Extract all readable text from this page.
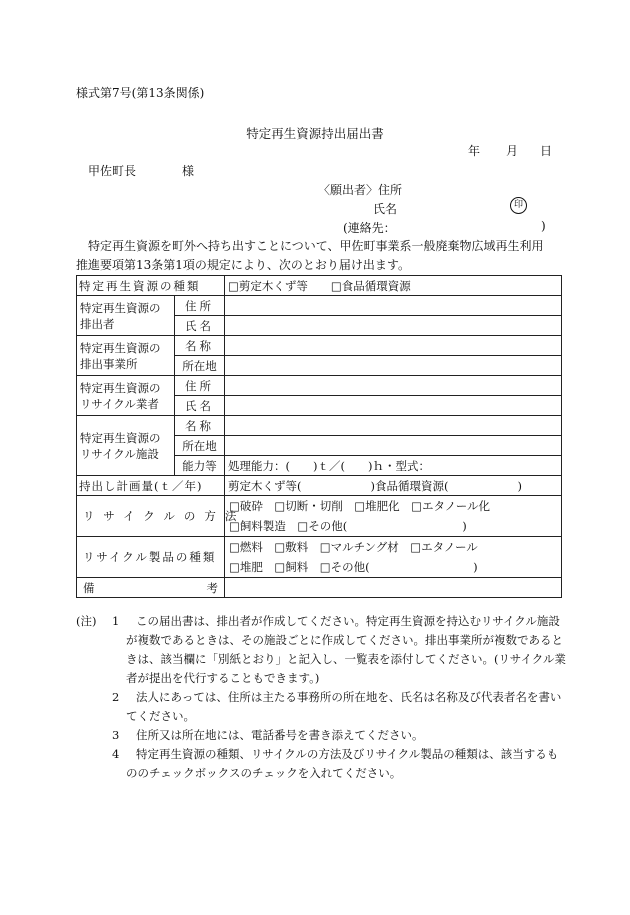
様式第7号(第13条関係)
特定再生資源持出届出書
年 月 日
甲佐町長	様
〈願出者〉住所
氏名	印
(連絡先：	)
特定再生資源を町外へ持ち出すことについて、甲佐町事業系一般廃棄物広域再生利用推進要項第13条第1項の規定により、次のとおり届け出ます。
特定再生資源の種類		□剪定木くず等　　□食品循環資源
特定再生資源の排出者	住所	
	氏名	
特定再生資源の排出事業所	名称	
	所在地	
特定再生資源のリサイクル業者	住所	
	氏名	
特定再生資源のリサイクル施設	名称	
	所在地	
	能力等	処理能力：(　　)ｔ／(　　)ｈ・型式：
持出し計画量(ｔ／年)		剪定木くず等(　　　　　　)食品循環資源(　　　　　　)
リサイクルの方法		□破砕　□切断・切削　□堆肥化　□エタノール化
□飼料製造　□その他(　　　　　　　　　　)

リサイクル製品の種類		□燃料　□敷料　□マルチング材　□エタノール
□堆肥　□飼料　□その他(　　　　　　　　　)

備 考		

(注) 1	この届出書は、排出者が作成してください。特定再生資源を持込むリサイクル施設が複数であるときは、その施設ごとに作成してください。排出事業所が複数であるときは、該当欄に「別紙とおり」と記入し、一覧表を添付してください。(リサイクル業者が提出を代行することもできます。)
2	法人にあっては、住所は主たる事務所の所在地を、氏名は名称及び代表者名を書いてください。
3	住所又は所在地には、電話番号を書き添えてください。
4	特定再生資源の種類、リサイクルの方法及びリサイクル製品の種類は、該当するもののチェックボックスのチェックを入れてください。
